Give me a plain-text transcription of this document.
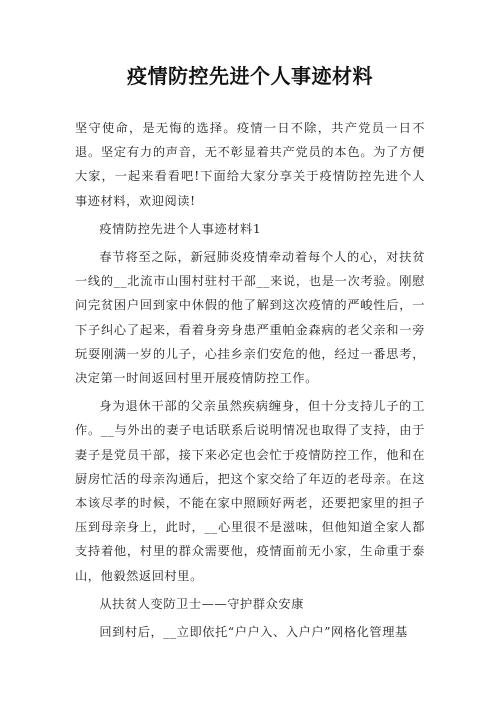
疫情防控先进个人事迹材料

坚守使命，是无悔的选择。疫情一日不除，共产党员一日不退。坚定有力的声音，无不彰显着共产党员的本色。为了方便大家，一起来看看吧!下面给大家分享关于疫情防控先进个人事迹材料，欢迎阅读!

疫情防控先进个人事迹材料1

春节将至之际，新冠肺炎疫情牵动着每个人的心，对扶贫一线的__北流市山围村驻村干部__来说，也是一次考验。刚慰问完贫困户回到家中休假的他了解到这次疫情的严峻性后，一下子纠心了起来，看着身旁身患严重帕金森病的老父亲和一旁玩耍刚满一岁的儿子，心挂乡亲们安危的他，经过一番思考，决定第一时间返回村里开展疫情防控工作。

身为退休干部的父亲虽然疾病缠身，但十分支持儿子的工作。__与外出的妻子电话联系后说明情况也取得了支持，由于妻子是党员干部，接下来必定也会忙于疫情防控工作，他和在厨房忙活的母亲沟通后，把这个家交给了年迈的老母亲。在这本该尽孝的时候，不能在家中照顾好两老，还要把家里的担子压到母亲身上，此时，__心里很不是滋味，但他知道全家人都支持着他，村里的群众需要他，疫情面前无小家，生命重于泰山，他毅然返回村里。

从扶贫人变防卫士——守护群众安康

回到村后，__立即依托“户户入、入户户”网格化管理基
